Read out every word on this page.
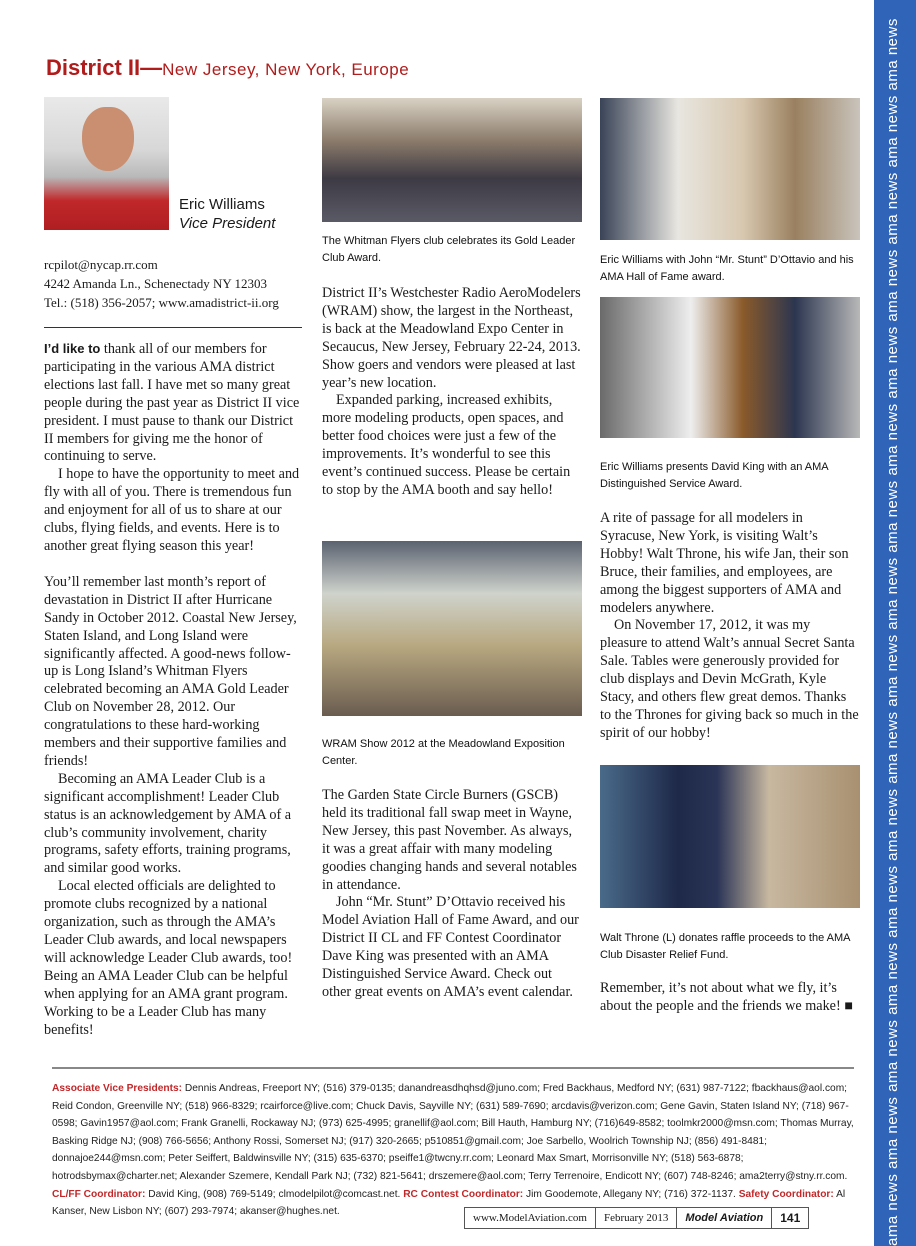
ama news ama news ama news ama news ama news ama news ama news ama news ama news ama news ama news ama news ama news ama news ama news ama news
District II—New Jersey, New York, Europe
Eric Williams
Vice President
rcpilot@nycap.rr.com
4242 Amanda Ln., Schenectady NY 12303
Tel.: (518) 356-2057; www.amadistrict-ii.org

I’d like to thank all of our members for participating in the various AMA district elections last fall. I have met so many great people during the past year as District II vice president. I must pause to thank our District II members for giving me the honor of continuing to serve.

I hope to have the opportunity to meet and fly with all of you. There is tremendous fun and enjoyment for all of us to share at our clubs, flying fields, and events. Here is to another great flying season this year!

You’ll remember last month’s report of devastation in District II after Hurricane Sandy in October 2012. Coastal New Jersey, Staten Island, and Long Island were significantly affected. A good-news follow-up is Long Island’s Whitman Flyers celebrated becoming an AMA Gold Leader Club on November 28, 2012. Our congratulations to these hard-working members and their supportive families and friends!

Becoming an AMA Leader Club is a significant accomplishment! Leader Club status is an acknowledgement by AMA of a club’s community involvement, charity programs, safety efforts, training programs, and similar good works.

Local elected officials are delighted to promote clubs recognized by a national organization, such as through the AMA’s Leader Club awards, and local newspapers will acknowledge Leader Club awards, too! Being an AMA Leader Club can be helpful when applying for an AMA grant program. Working to be a Leader Club has many benefits!

The Whitman Flyers club celebrates its Gold Leader Club Award.

District II’s Westchester Radio AeroModelers (WRAM) show, the largest in the Northeast, is back at the Meadowland Expo Center in Secaucus, New Jersey, February 22-24, 2013. Show goers and vendors were pleased at last year’s new location.

Expanded parking, increased exhibits, more modeling products, open spaces, and better food choices were just a few of the improvements. It’s wonderful to see this event’s continued success. Please be certain to stop by the AMA booth and say hello!

WRAM Show 2012 at the Meadowland Exposition Center.

The Garden State Circle Burners (GSCB) held its traditional fall swap meet in Wayne, New Jersey, this past November. As always, it was a great affair with many modeling goodies changing hands and several notables in attendance.

John “Mr. Stunt” D’Ottavio received his Model Aviation Hall of Fame Award, and our District II CL and FF Contest Coordinator Dave King was presented with an AMA Distinguished Service Award. Check out other great events on AMA’s event calendar.

Eric Williams with John “Mr. Stunt” D’Ottavio and his AMA Hall of Fame award.
Eric Williams presents David King with an AMA Distinguished Service Award.

A rite of passage for all modelers in Syracuse, New York, is visiting Walt’s Hobby! Walt Throne, his wife Jan, their son Bruce, their families, and employees, are among the biggest supporters of AMA and modelers anywhere.

On November 17, 2012, it was my pleasure to attend Walt’s annual Secret Santa Sale. Tables were generously provided for club displays and Devin McGrath, Kyle Stacy, and others flew great demos. Thanks to the Thrones for giving back so much in the spirit of our hobby!

Walt Throne (L) donates raffle proceeds to the AMA Club Disaster Relief Fund.

Remember, it’s not about what we fly, it’s about the people and the friends we make! ■

Associate Vice Presidents: Dennis Andreas, Freeport NY; (516) 379-0135; danandreasdhqhsd@juno.com; Fred Backhaus, Medford NY; (631) 987-7122; fbackhaus@aol.com; Reid Condon, Greenville NY; (518) 966-8329; rcairforce@live.com; Chuck Davis, Sayville NY; (631) 589-7690; arcdavis@verizon.com; Gene Gavin, Staten Island NY; (718) 967-0598; Gavin1957@aol.com; Frank Granelli, Rockaway NJ; (973) 625-4995; granellif@aol.com; Bill Hauth, Hamburg NY; (716)649-8582; toolmkr2000@msn.com; Thomas Murray, Basking Ridge NJ; (908) 766-5656; Anthony Rossi, Somerset NJ; (917) 320-2665; p510851@gmail.com; Joe Sarbello, Woolrich Township NJ; (856) 491-8481; donnajoe244@msn.com; Peter Seiffert, Baldwinsville NY; (315) 635-6370; pseiffe1@twcny.rr.com; Leonard Max Smart, Morrisonville NY; (518) 563-6878; hotrodsbymax@charter.net; Alexander Szemere, Kendall Park NJ; (732) 821-5641; drszemere@aol.com; Terry Terrenoire, Endicott NY; (607) 748-8246; ama2terry@stny.rr.com. CL/FF Coordinator: David King, (908) 769-5149; clmodelpilot@comcast.net. RC Contest Coordinator: Jim Goodemote, Allegany NY; (716) 372-1137. Safety Coordinator: Al Kanser, New Lisbon NY; (607) 293-7974; akanser@hughes.net.
www.ModelAviation.com	February 2013	Model Aviation	141
